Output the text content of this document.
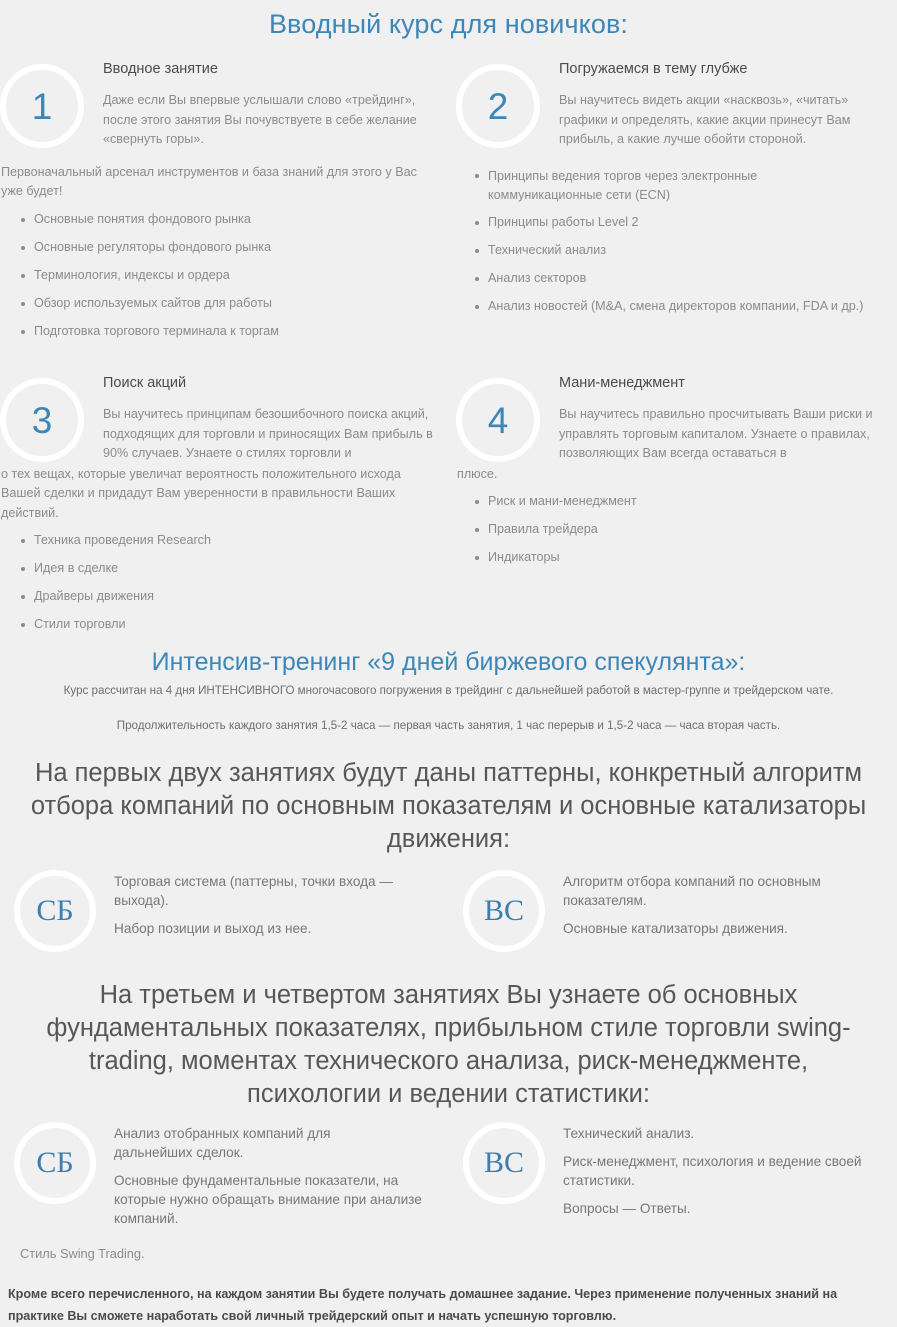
Вводный курс для новичков:
1
Вводное занятие

Даже если Вы впервые услышали слово «трейдинг», после этого занятия Вы почувствуете в себе желание «свернуть горы».

Первоначальный арсенал инструментов и база знаний для этого у Вас уже будет!

Основные понятия фондового рынка
Основные регуляторы фондового рынка
Терминология, индексы и ордера
Обзор используемых сайтов для работы
Подготовка торгового терминала к торгам
2
Погружаемся в тему глубже

Вы научитесь видеть акции «насквозь», «читать» графики и определять, какие акции принесут Вам прибыль, а какие лучше обойти стороной.

Принципы ведения торгов через электронные коммуникационные сети (ECN)
Принципы работы Level 2
Технический анализ
Анализ секторов
Анализ новостей (M&A, смена директоров компании, FDA и др.)
3
Поиск акций

Вы научитесь принципам безошибочного поиска акций, подходящих для торговли и приносящих Вам прибыль в 90% случаев. Узнаете о стилях торговли и

о тех вещах, которые увеличат вероятность положительного исхода Вашей сделки и придадут Вам уверенности в правильности Ваших действий.

Техника проведения Research
Идея в сделке
Драйверы движения
Стили торговли
4
Мани-менеджмент

Вы научитесь правильно просчитывать Ваши риски и управлять торговым капиталом. Узнаете о правилах, позволяющих Вам всегда оставаться в

плюсе.

Риск и мани-менеджмент
Правила трейдера
Индикаторы
Интенсив-тренинг «9 дней биржевого спекулянта»:

Курс рассчитан на 4 дня ИНТЕНСИВНОГО многочасового погружения в трейдинг с дальнейшей работой в мастер-группе и трейдерском чате.

Продолжительность каждого занятия 1,5-2 часа — первая часть занятия, 1 час перерыв и 1,5-2 часа — часа вторая часть.

На первых двух занятиях будут даны паттерны, конкретный алгоритм отбора компаний по основным показателям и основные катализаторы движения:
СБ

Торговая система (паттерны, точки входа — выхода).

Набор позиции и выход из нее.

ВС

Алгоритм отбора компаний по основным показателям.

Основные катализаторы движения.

На третьем и четвертом занятиях Вы узнаете об основных фундаментальных показателях, прибыльном стиле торговли swing-trading, моментах технического анализа, риск-менеджменте, психологии и ведении статистики:
СБ

Анализ отобранных компаний для дальнейших сделок.

Основные фундаментальные показатели, на которые нужно обращать внимание при анализе компаний.

ВС

Технический анализ.

Риск-менеджмент, психология и ведение своей статистики.

Вопросы — Ответы.

Стиль Swing Trading.

Кроме всего перечисленного, на каждом занятии Вы будете получать домашнее задание. Через применение полученных знаний на практике Вы сможете наработать свой личный трейдерский опыт и начать успешную торговлю.
